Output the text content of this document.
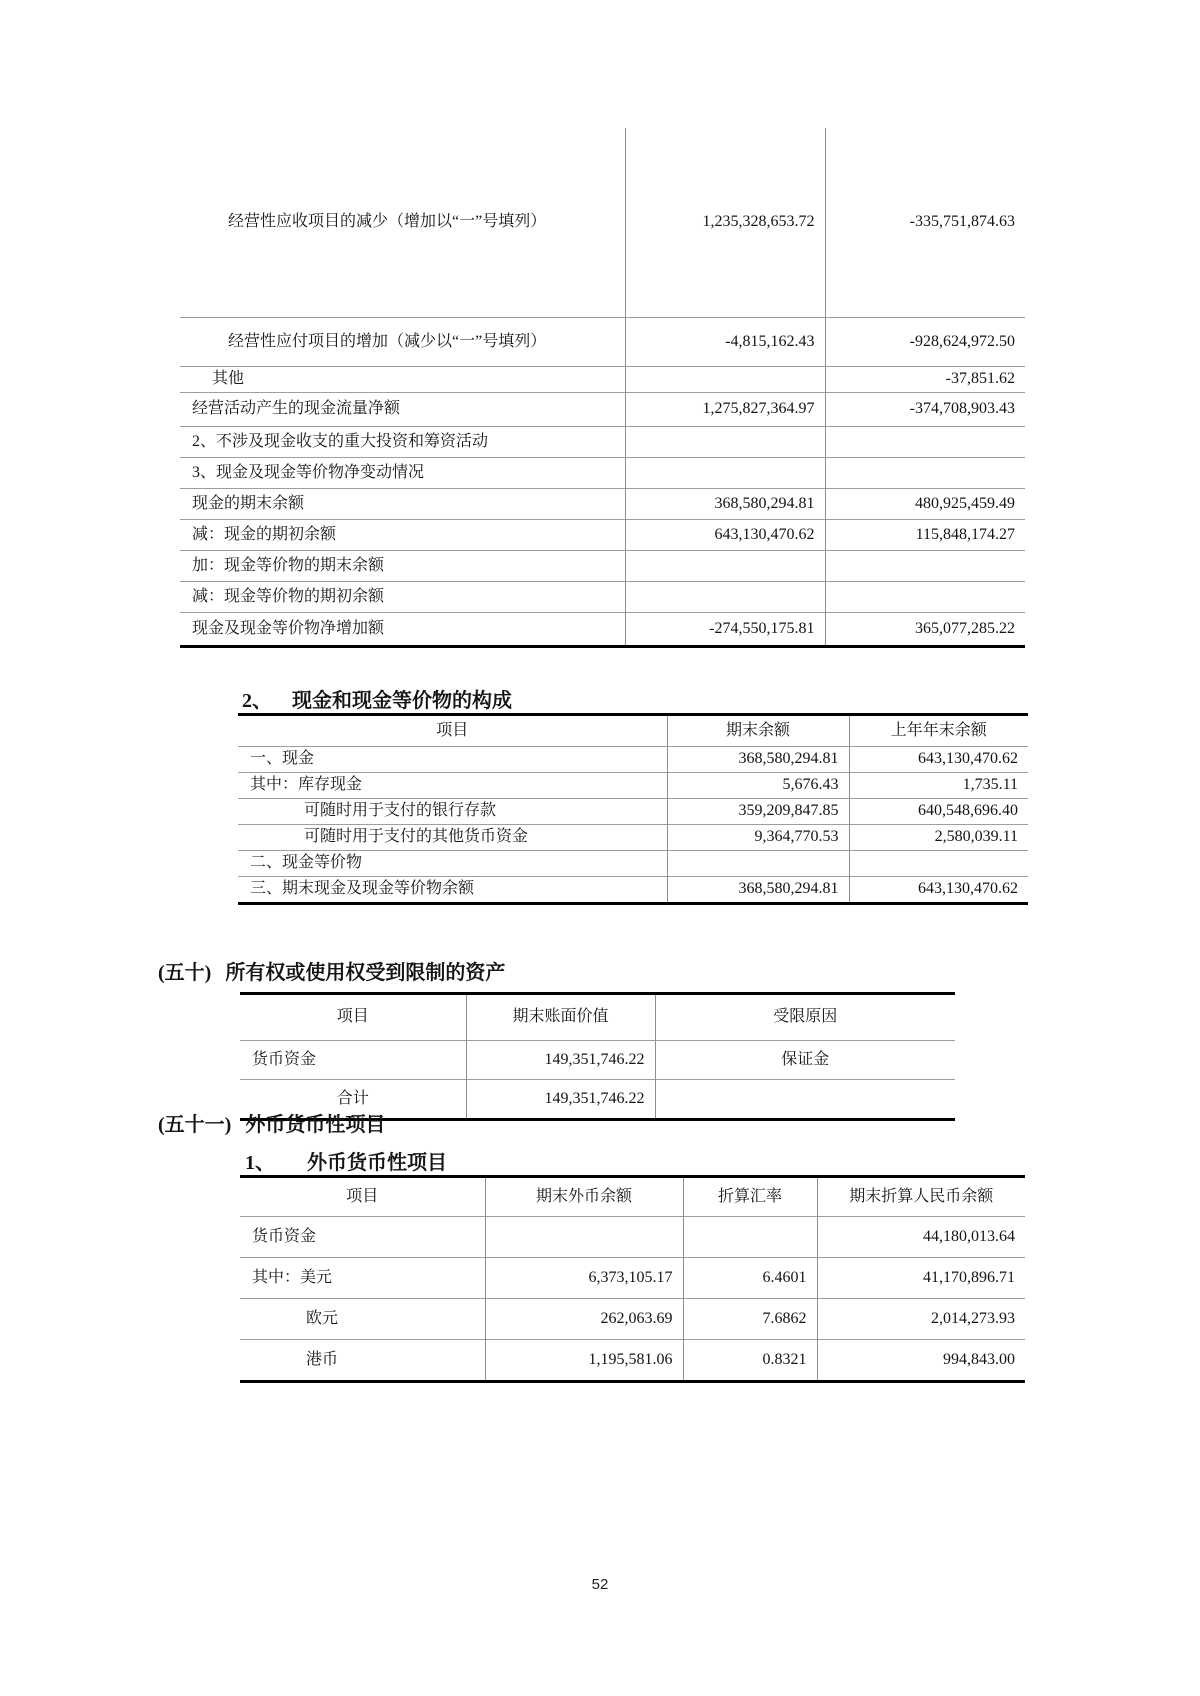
经营性应收项目的减少（增加以“一”号填列）	1,235,328,653.72	-335,751,874.63
经营性应付项目的增加（减少以“一”号填列）	-4,815,162.43	-928,624,972.50
其他		-37,851.62
经营活动产生的现金流量净额	1,275,827,364.97	-374,708,903.43
2、不涉及现金收支的重大投资和筹资活动		
3、现金及现金等价物净变动情况		
现金的期末余额	368,580,294.81	480,925,459.49
减：现金的期初余额	643,130,470.62	115,848,174.27
加：现金等价物的期末余额		
减：现金等价物的期初余额		
现金及现金等价物净增加额	-274,550,175.81	365,077,285.22
2、 现金和现金等价物的构成
项目	期末余额	上年年末余额
一、现金	368,580,294.81	643,130,470.62
其中：库存现金	5,676.43	1,735.11
可随时用于支付的银行存款	359,209,847.85	640,548,696.40
可随时用于支付的其他货币资金	9,364,770.53	2,580,039.11
二、现金等价物		
三、期末现金及现金等价物余额	368,580,294.81	643,130,470.62
(五十) 所有权或使用权受到限制的资产
项目	期末账面价值	受限原因
货币资金	149,351,746.22	保证金
合计	149,351,746.22	
(五十一) 外币货币性项目
1、 外币货币性项目
项目	期末外币余额	折算汇率	期末折算人民币余额
货币资金			44,180,013.64
其中：美元	6,373,105.17	6.4601	41,170,896.71
欧元	262,063.69	7.6862	2,014,273.93
港币	1,195,581.06	0.8321	994,843.00
52
